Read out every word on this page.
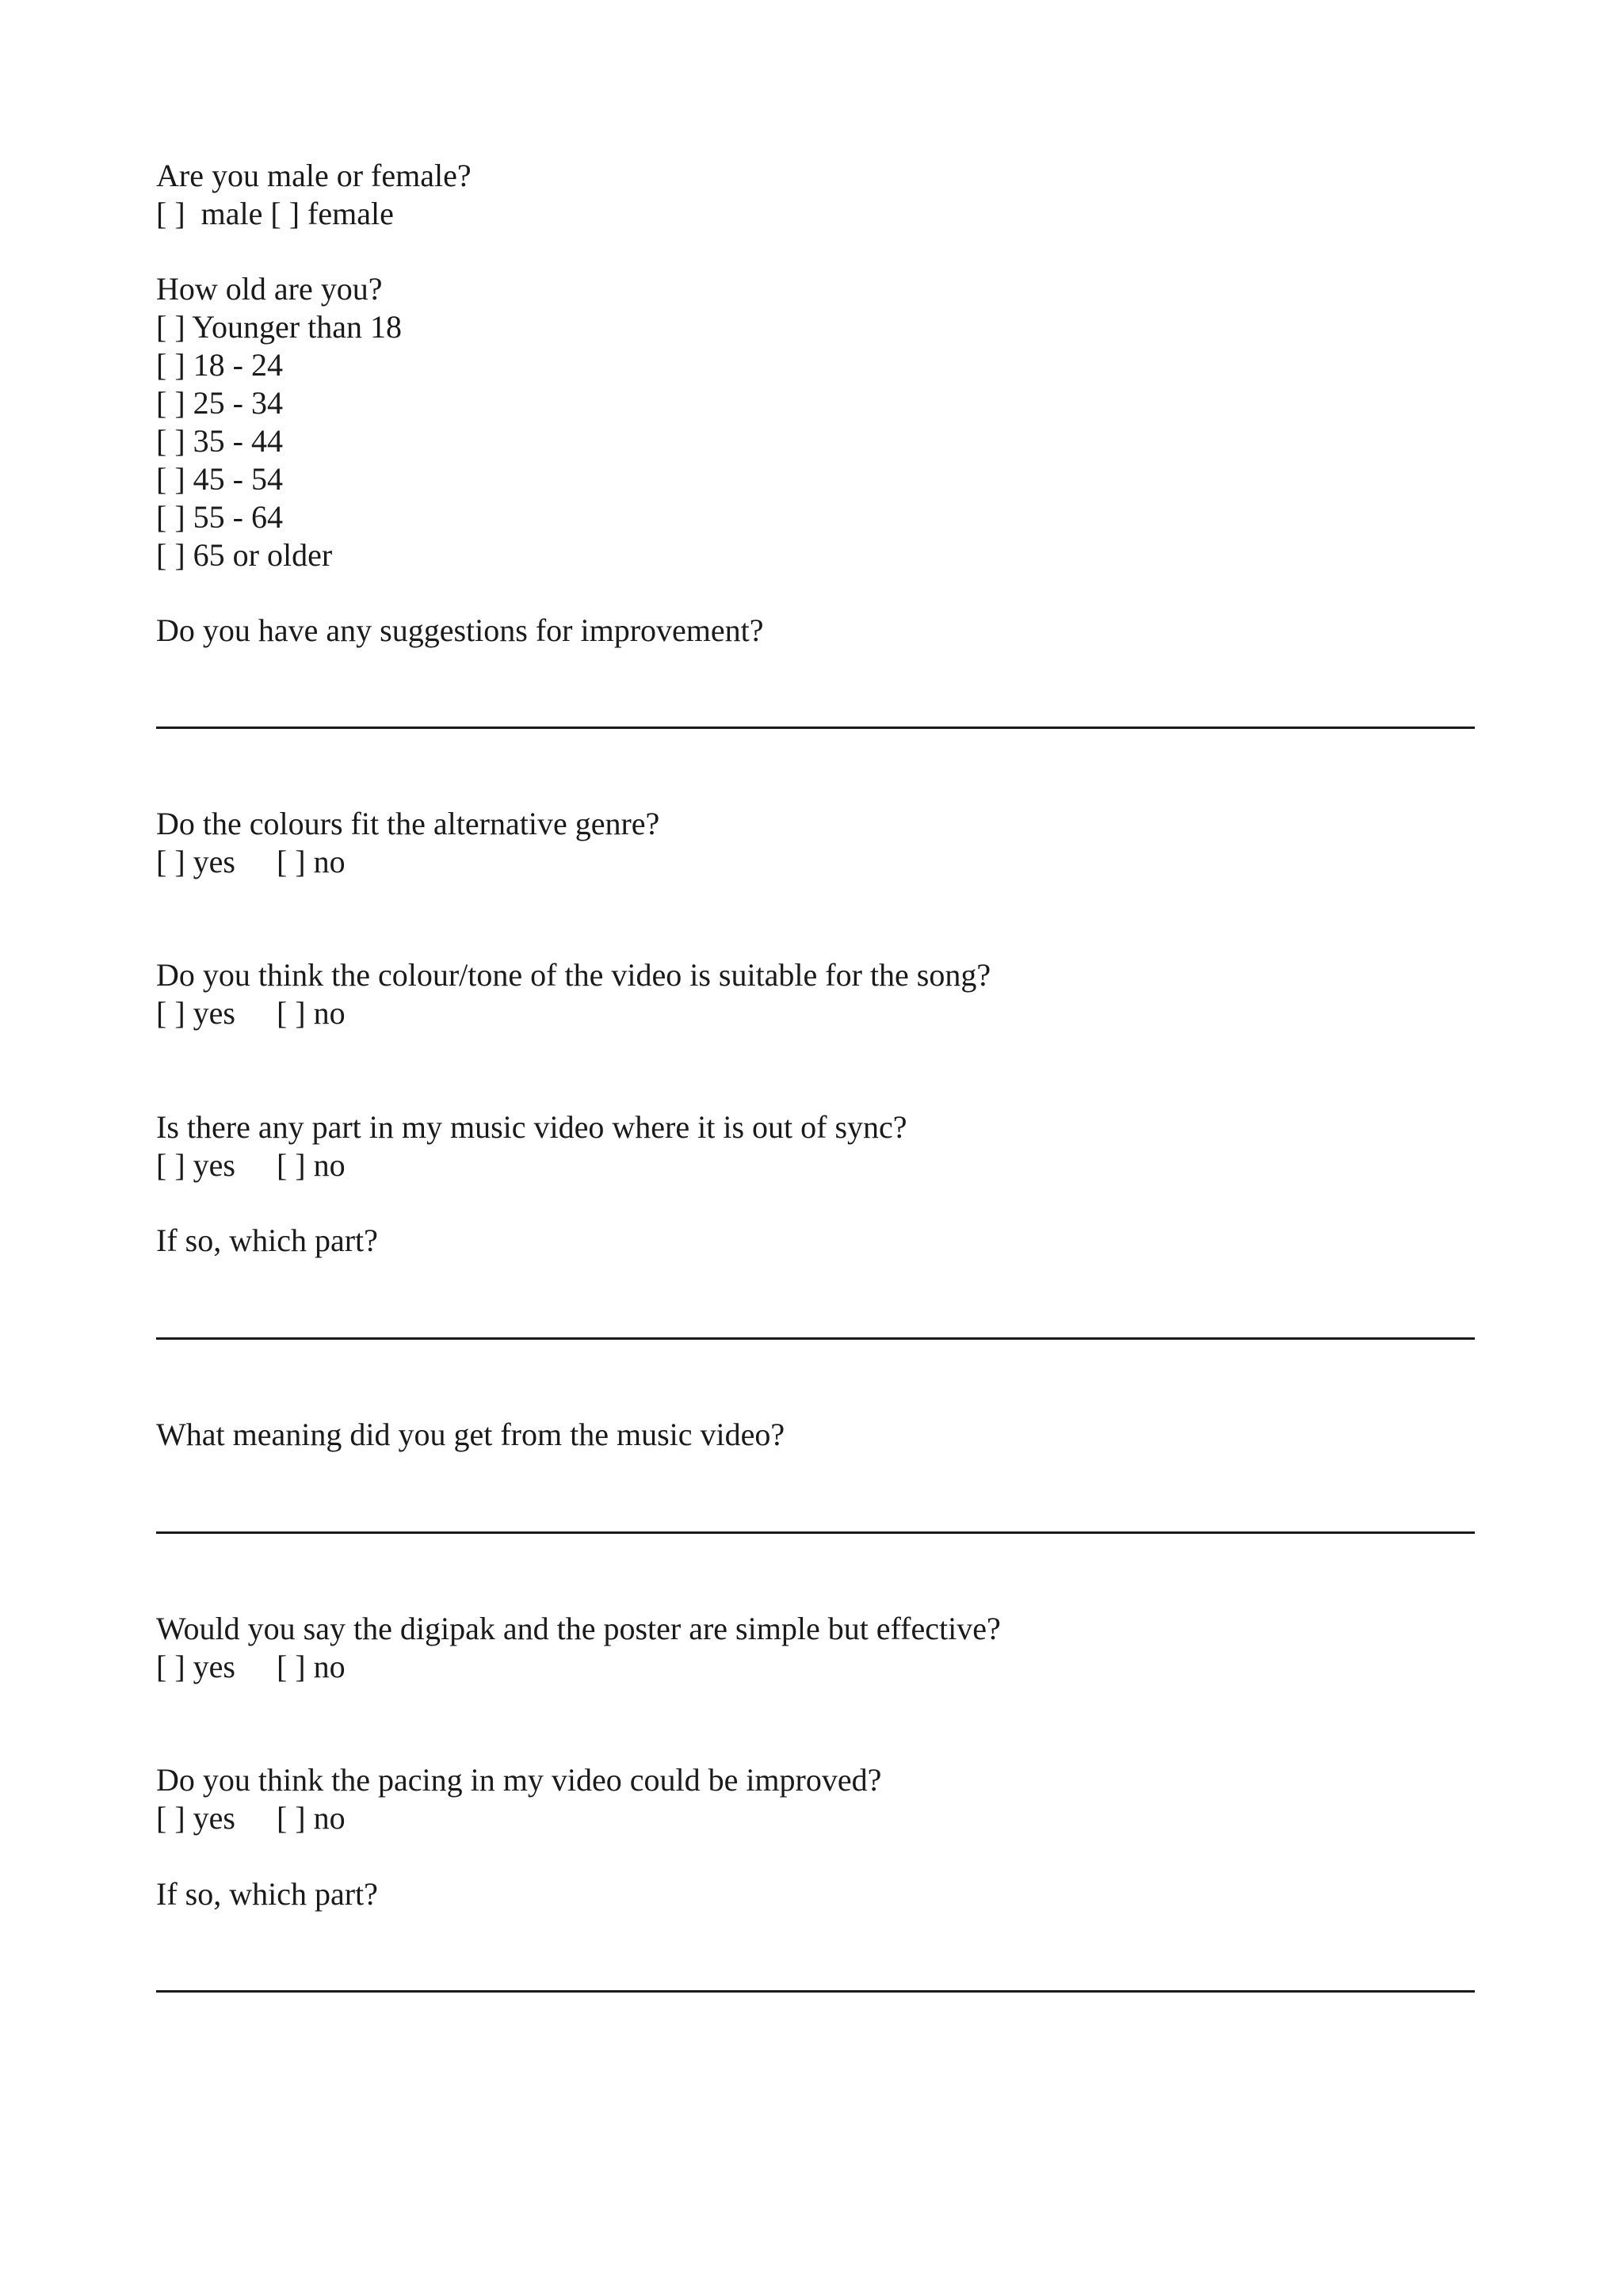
Are you male or female?
[ ]  male [ ] female
How old are you?
[ ] Younger than 18
[ ] 18 - 24
[ ] 25 - 34
[ ] 35 - 44
[ ] 45 - 54
[ ] 55 - 64
[ ] 65 or older
Do you have any suggestions for improvement?
Do the colours fit the alternative genre?
[ ] yes [ ] no
Do you think the colour/tone of the video is suitable for the song?
[ ] yes [ ] no
Is there any part in my music video where it is out of sync?
[ ] yes [ ] no
If so, which part?
What meaning did you get from the music video?
Would you say the digipak and the poster are simple but effective?
[ ] yes [ ] no
Do you think the pacing in my video could be improved?
[ ] yes [ ] no
If so, which part?
